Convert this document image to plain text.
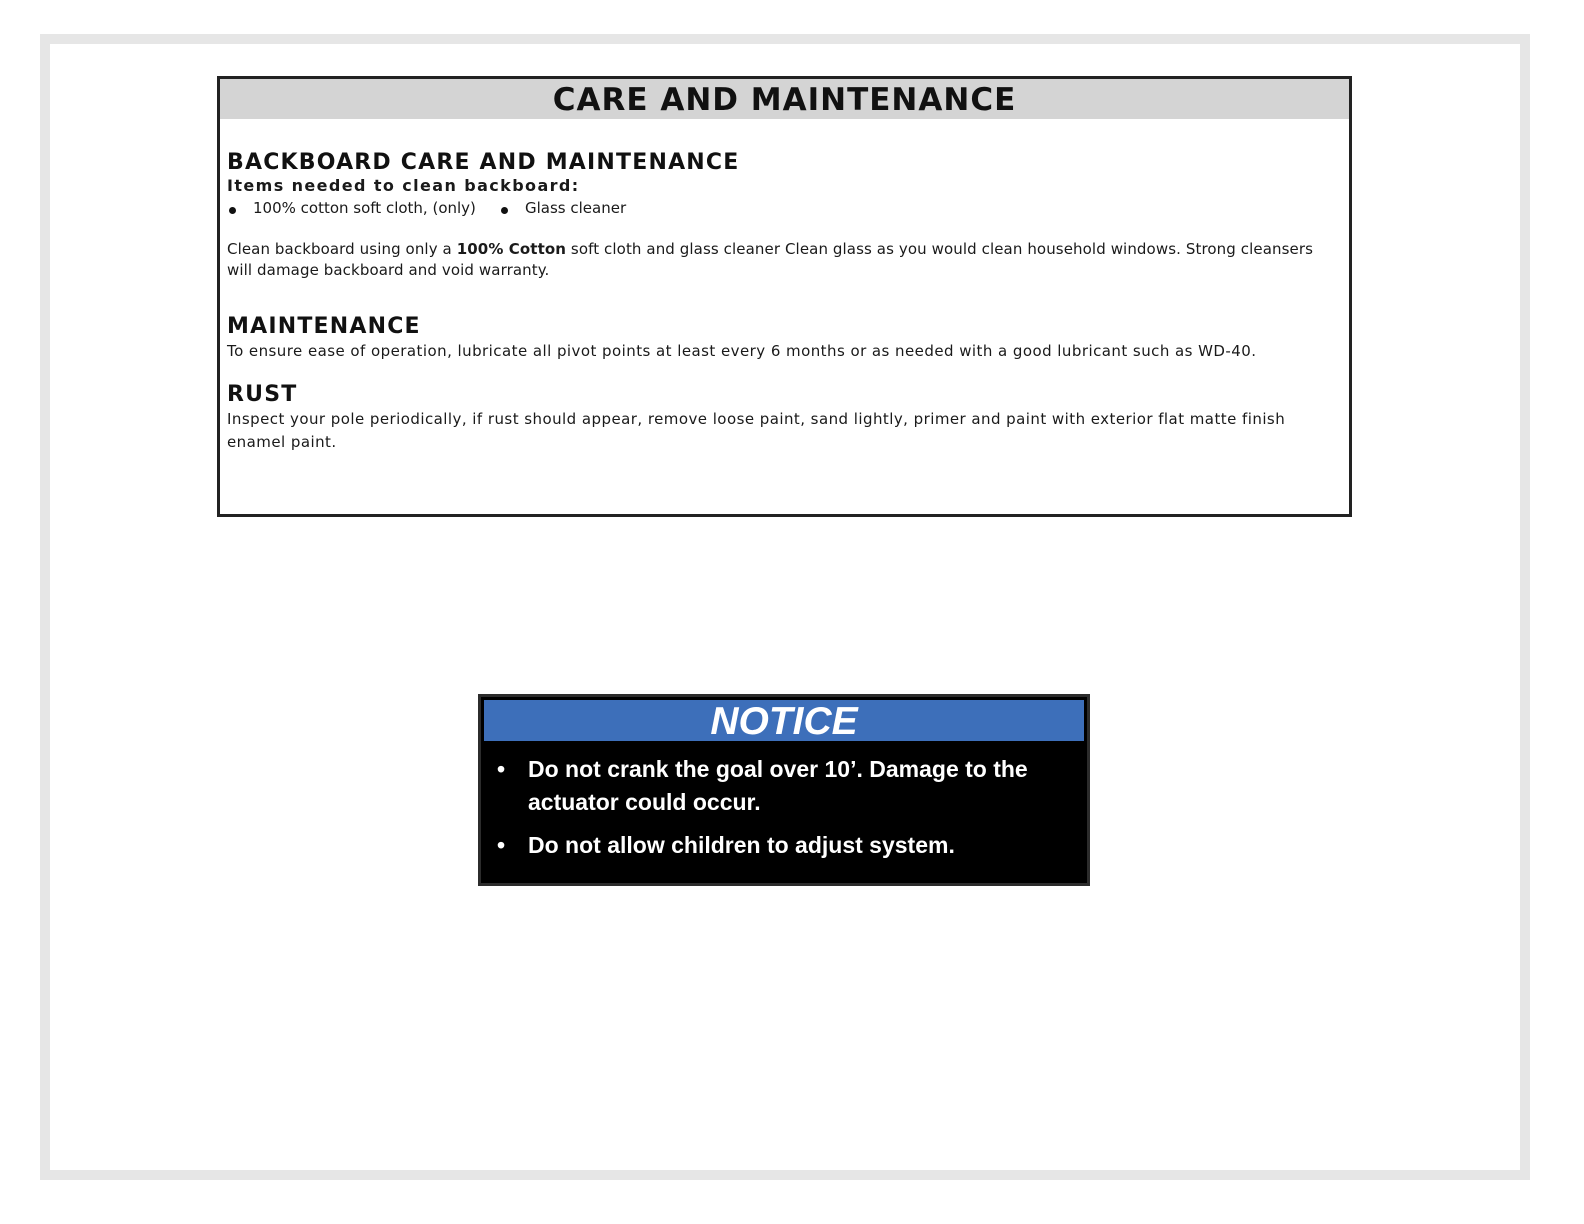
CARE AND MAINTENANCE
BACKBOARD CARE AND MAINTENANCE
Items needed to clean backboard:
100% cotton soft cloth, (only)	Glass cleaner

Clean backboard using only a 100% Cotton soft cloth and glass cleaner Clean glass as you would clean household windows. Strong cleansers will damage backboard and void warranty.

MAINTENANCE

To ensure ease of operation, lubricate all pivot points at least every 6 months or as needed with a good lubricant such as WD-40.

RUST

Inspect your pole periodically, if rust should appear, remove loose paint, sand lightly, primer and paint with exterior flat matte finish enamel paint.

NOTICE
• Do not crank the goal over 10’. Damage to the actuator could occur.
• Do not allow children to adjust system.
